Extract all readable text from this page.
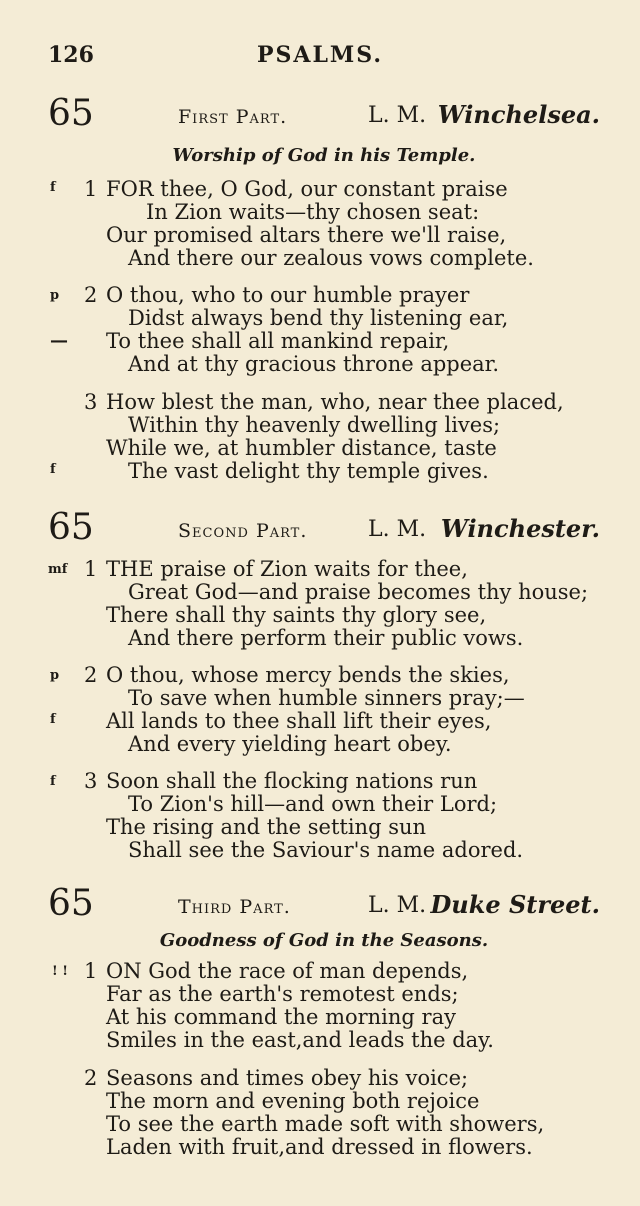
126	PSALMS.
65	First Part.	L. M. Winchelsea.
Worship of God in his Temple.
f 1 FOR thee, O God, our constant praise
In Zion waits—thy chosen seat:
Our promised altars there we'll raise,
And there our zealous vows complete.
p 2 O thou, who to our humble prayer
Didst always bend thy listening ear,
— To thee shall all mankind repair,
And at thy gracious throne appear.
3 How blest the man, who, near thee placed,
Within thy heavenly dwelling lives;
While we, at humbler distance, taste
f	The vast delight thy temple gives.
65	Second Part.	L. M. Winchester.
mf 1 THE praise of Zion waits for thee,
Great God—and praise becomes thy house;
There shall thy saints thy glory see,
And there perform their public vows.
p 2 O thou, whose mercy bends the skies,
To save when humble sinners pray;—
f All lands to thee shall lift their eyes,
And every yielding heart obey.
f 3 Soon shall the flocking nations run
To Zion's hill—and own their Lord;
The rising and the setting sun
Shall see the Saviour's name adored.
65	Third Part.	L. M. Duke Street.
Goodness of God in the Seasons.
! ! 1 ON God the race of man depends,
Far as the earth's remotest ends;
At his command the morning ray
Smiles in the east,and leads the day.
2 Seasons and times obey his voice;
The morn and evening both rejoice
To see the earth made soft with showers,
Laden with fruit,and dressed in flowers.
